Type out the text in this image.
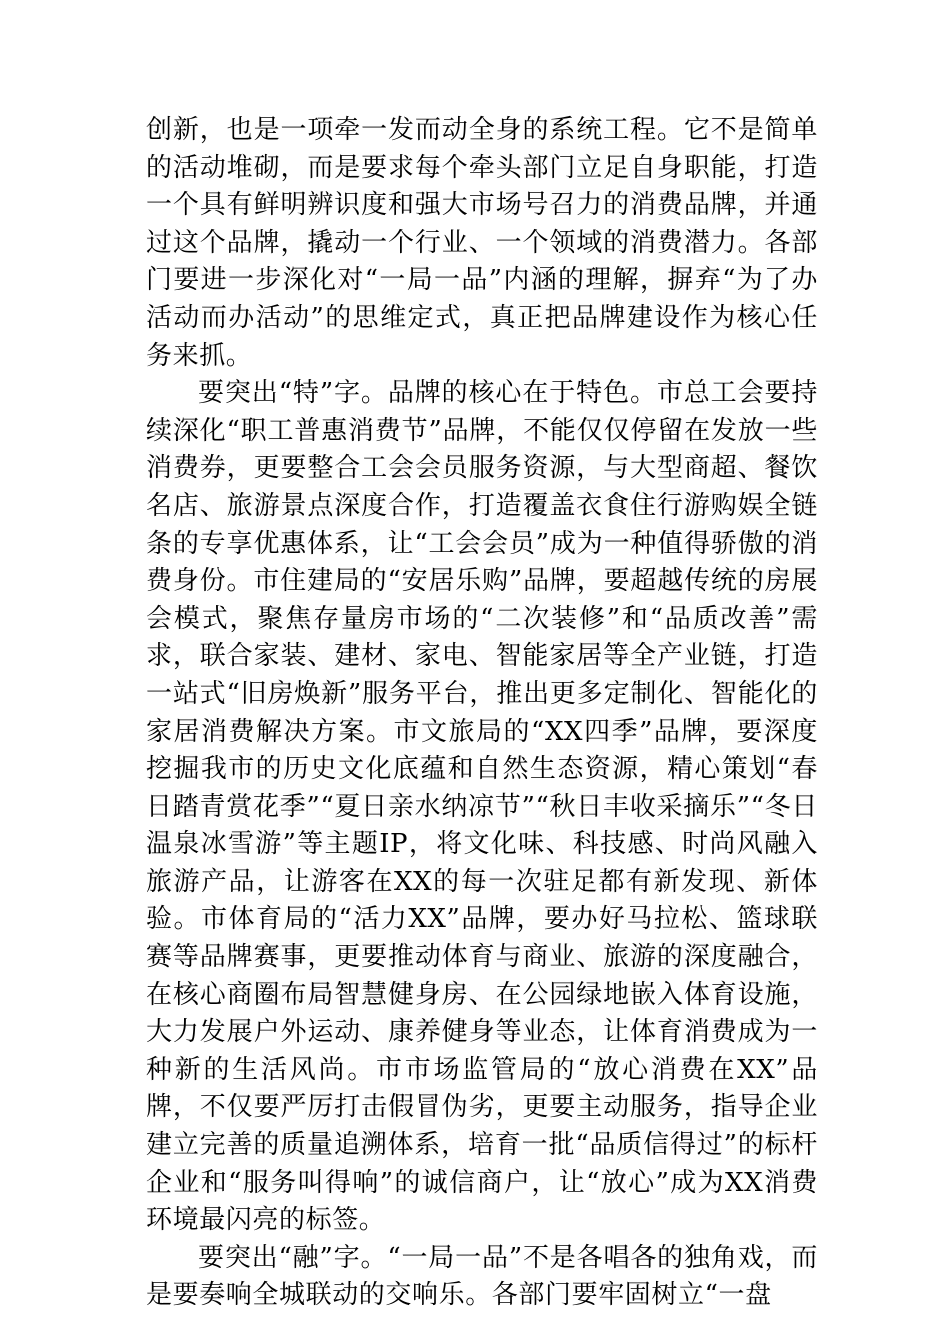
创新，也是一项牵一发而动全身的系统工程。它不是简单的活动堆砌，而是要求每个牵头部门立足自身职能，打造一个具有鲜明辨识度和强大市场号召力的消费品牌，并通过这个品牌，撬动一个行业、一个领域的消费潜力。各部门要进一步深化对“一局一品”内涵的理解，摒弃“为了办活动而办活动”的思维定式，真正把品牌建设作为核心任务来抓。

要突出“特”字。品牌的核心在于特色。市总工会要持续深化“职工普惠消费节”品牌，不能仅仅停留在发放一些消费券，更要整合工会会员服务资源，与大型商超、餐饮名店、旅游景点深度合作，打造覆盖衣食住行游购娱全链条的专享优惠体系，让“工会会员”成为一种值得骄傲的消费身份。市住建局的“安居乐购”品牌，要超越传统的房展会模式，聚焦存量房市场的“二次装修”和“品质改善”需求，联合家装、建材、家电、智能家居等全产业链，打造一站式“旧房焕新”服务平台，推出更多定制化、智能化的家居消费解决方案。市文旅局的“XX四季”品牌，要深度挖掘我市的历史文化底蕴和自然生态资源，精心策划“春日踏青赏花季”“夏日亲水纳凉节”“秋日丰收采摘乐”“冬日温泉冰雪游”等主题IP，将文化味、科技感、时尚风融入旅游产品，让游客在XX的每一次驻足都有新发现、新体验。市体育局的“活力XX”品牌，要办好马拉松、篮球联赛等品牌赛事，更要推动体育与商业、旅游的深度融合，在核心商圈布局智慧健身房、在公园绿地嵌入体育设施，大力发展户外运动、康养健身等业态，让体育消费成为一种新的生活风尚。市市场监管局的“放心消费在XX”品牌，不仅要严厉打击假冒伪劣，更要主动服务，指导企业建立完善的质量追溯体系，培育一批“品质信得过”的标杆企业和“服务叫得响”的诚信商户，让“放心”成为XX消费环境最闪亮的标签。

要突出“融”字。“一局一品”不是各唱各的独角戏，而是要奏响全城联动的交响乐。各部门要牢固树立“一盘
